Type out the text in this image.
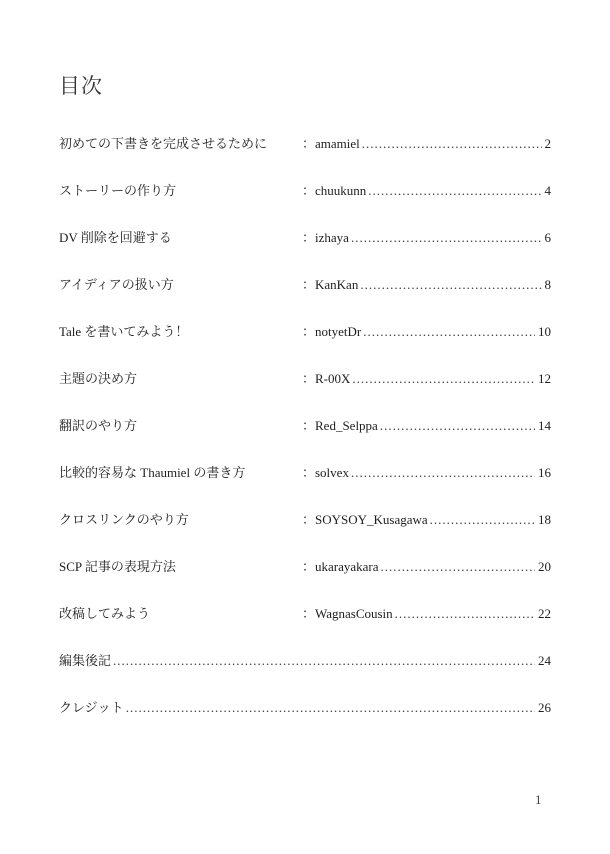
目次
初めての下書きを完成させるために	：amamiel .....	2
ストーリーの作り方	：chuukunn .....	4
DV 削除を回避する	：izhaya .....	6
アイディアの扱い方	：KanKan .....	8
Tale を書いてみよう！	：notyetDr .....	10
主題の決め方	：R-00X .....	12
翻訳のやり方	：Red_Selppa .....	14
比較的容易な Thaumiel の書き方	：solvex .....	16
クロスリンクのやり方	：SOYSOY_Kusagawa .....	18
SCP 記事の表現方法	：ukarayakara .....	20
改稿してみよう	：WagnasCousin .....	22
編集後記 .....	24
クレジット .....	26
1
